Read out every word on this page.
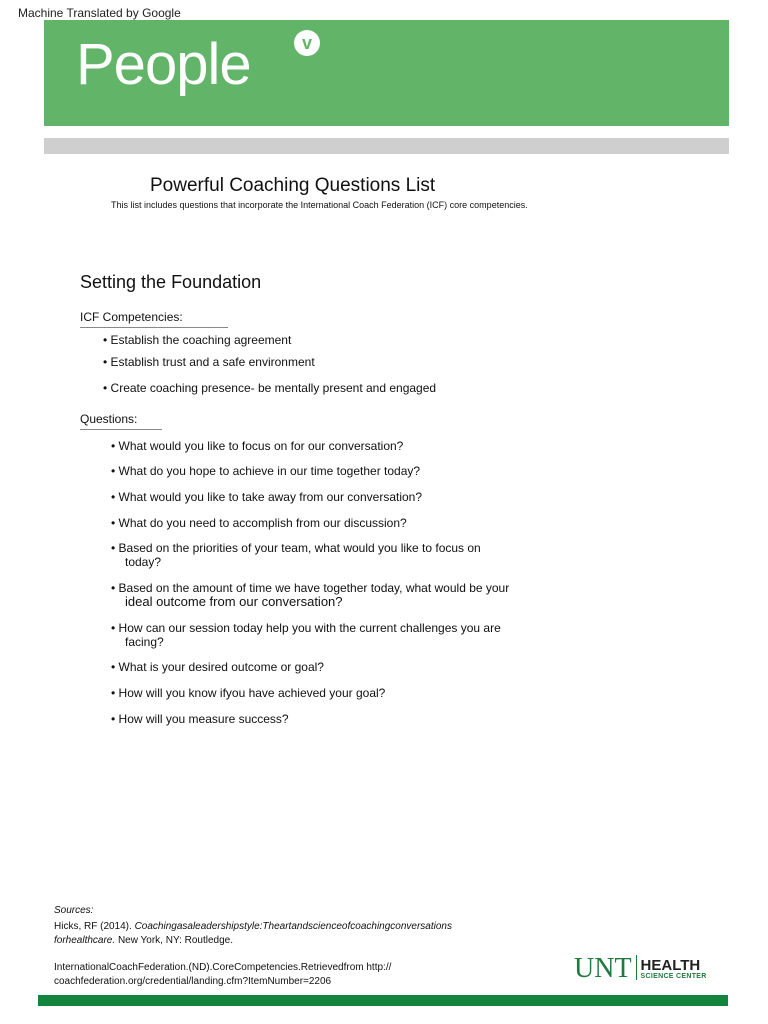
Machine Translated by Google
People	v
Powerful Coaching Questions List
This list includes questions that incorporate the International Coach Federation (ICF) core competencies.
Setting the Foundation
ICF Competencies:
• Establish the coaching agreement
• Establish trust and a safe environment
• Create coaching presence- be mentally present and engaged
Questions:
• What would you like to focus on for our conversation?
• What do you hope to achieve in our time together today?
• What would you like to take away from our conversation?
• What do you need to accomplish from our discussion?
• Based on the priorities of your team, what would you like to focus on
today?
• Based on the amount of time we have together today, what would be your
ideal outcome from our conversation?
• How can our session today help you with the current challenges you are
facing?
• What is your desired outcome or goal?
• How will you know ifyou have achieved your goal?
• How will you measure success?
Sources:
Hicks, RF (2014). Coachingasaleadershipstyle:Theartandscienceofcoachingconversations
forhealthcare. New York, NY: Routledge.
InternationalCoachFederation.(ND).CoreCompetencies.Retrievedfrom http://
coachfederation.org/credential/landing.cfm?ItemNumber=2206	UNT HEALTH
SCIENCE CENTER
